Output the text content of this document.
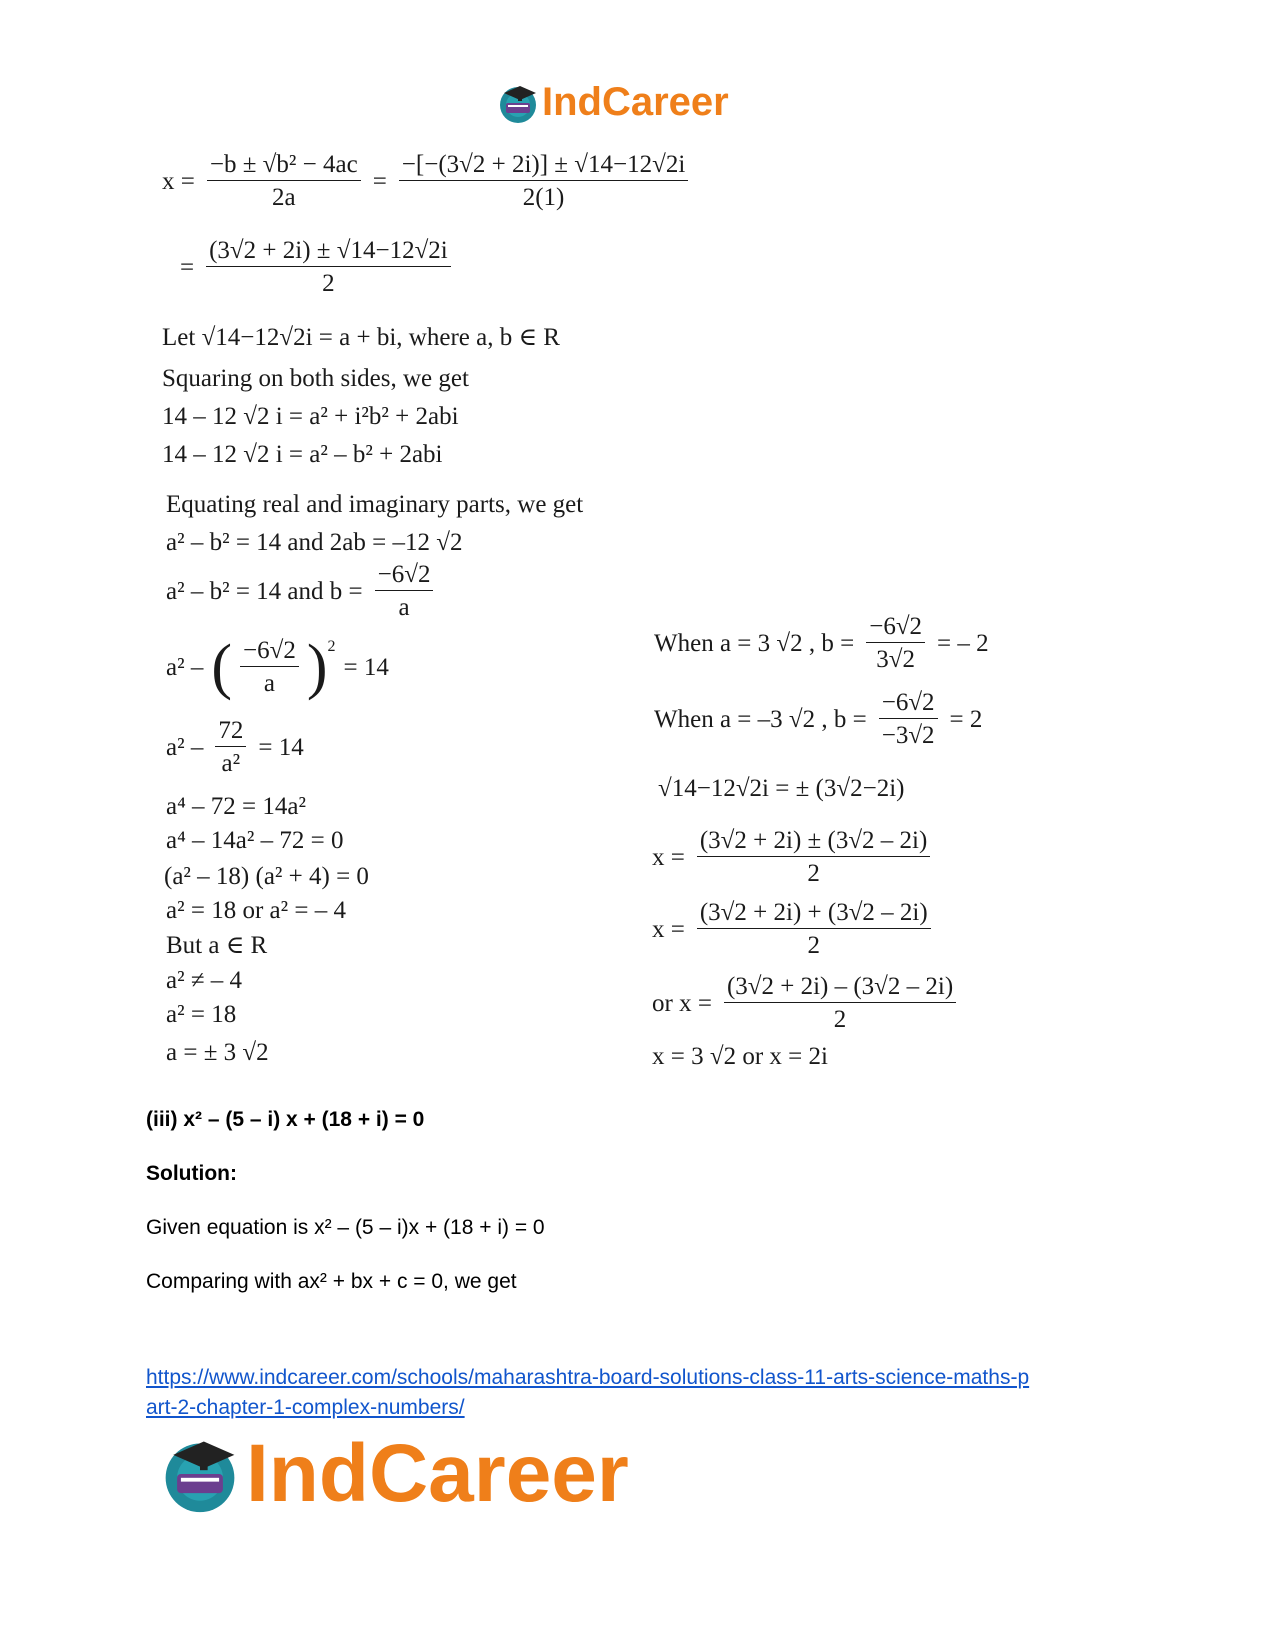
IndCareer
$x = \frac{\text{−b ± √b² − 4ac}}{2a} = \frac{-[-(3√2 + 2i)] \pm √14-12√2i}{2(1)}$
= $\frac{(3√2 + 2i) \pm √14-12√2i}{2}$
Let √14−12√2i = a + bi, where a, b ∈ R
Squaring on both sides, we get
14 – 12 √2 i = a² + i²b² + 2abi
14 – 12 √2 i = a² – b² + 2abi
Equating real and imaginary parts, we get
a² – b² = 14 and 2ab = –12 √2
a² – b² = 14 and $b = \frac{-6√2}{a}$
a² – ( $\frac{-6√2}{a} )^2$
= 14
$a^2 - \frac{72}{\text{a²}} = 14$
a⁴ – 72 = 14a²
a⁴ – 14a² – 72 = 0
(a² – 18) (a² + 4) = 0
a² = 18 or a² = – 4
But a ∈ R
a² ≠ – 4
a² = 18
a = ± 3 √2
When a = 3 √2 , $b = \frac{-6√2}{3√2}$ = – 2
When a = –3 √2 , $b = \frac{-6√2}{-3√2} = 2$
√14−12√2i = ± (3√2−2i)
$x = \frac{(3√2 + 2i) \pm (3√2 - 2i)}{2}$
$x = \frac{(3√2 + 2i) + (3√2 - 2i)}{2}$
or $x = \frac{(3√2 + 2i) - (3√2 - 2i)}{2}$
x = 3 √2 or x = 2i
(iii) x² – (5 – i) x + (18 + i) = 0
Solution:
Given equation is x² – (5 – i)x + (18 + i) = 0
Comparing with ax² + bx + c = 0, we get
https://www.indcareer.com/schools/maharashtra-board-solutions-class-11-arts-science-maths-p
art-2-chapter-1-complex-numbers/
IndCareer
